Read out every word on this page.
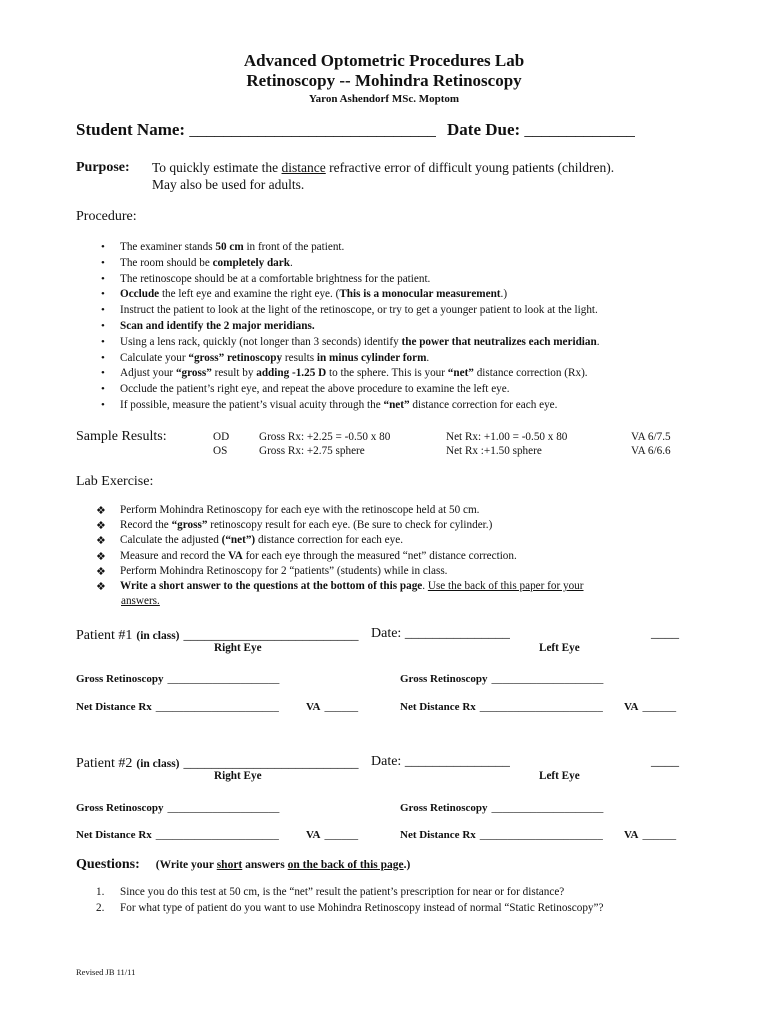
Advanced Optometric Procedures Lab
Retinoscopy -- Mohindra Retinoscopy
Yaron Ashendorf MSc. Moptom
Student Name: _____________________________ Date Due: _____________
Purpose: To quickly estimate the distance refractive error of difficult young patients (children).
May also be used for adults.
Procedure:
• The examiner stands 50 cm in front of the patient.
• The room should be completely dark.
• The retinoscope should be at a comfortable brightness for the patient.
• Occlude the left eye and examine the right eye. (This is a monocular measurement.)
• Instruct the patient to look at the light of the retinoscope, or try to get a younger patient to look at the light.
• Scan and identify the 2 major meridians.
• Using a lens rack, quickly (not longer than 3 seconds) identify the power that neutralizes each meridian.
• Calculate your “gross” retinoscopy results in minus cylinder form.
• Adjust your “gross” result by adding -1.25 D to the sphere. This is your “net” distance correction (Rx).
• Occlude the patient’s right eye, and repeat the above procedure to examine the left eye.
• If possible, measure the patient’s visual acuity through the “net” distance correction for each eye.
Sample Results:	OD	Gross Rx: +2.25 = -0.50 x 80	Net Rx: +1.00 = -0.50 x 80	VA 6/7.5
OS	Gross Rx: +2.75 sphere	Net Rx :+1.50 sphere	VA 6/6.6
Lab Exercise:
❖ Perform Mohindra Retinoscopy for each eye with the retinoscope held at 50 cm.
❖ Record the “gross” retinoscopy result for each eye. (Be sure to check for cylinder.)
❖ Calculate the adjusted (“net”) distance correction for each eye.
❖ Measure and record the VA for each eye through the measured “net” distance correction.
❖ Perform Mohindra Retinoscopy for 2 “patients” (students) while in class.
❖ Write a short answer to the questions at the bottom of this page. Use the back of this paper for your
answers.
Patient #1 (in class) _________________________ Date: _______________	____
Right Eye	Left Eye
Gross Retinoscopy ____________________	Gross Retinoscopy ____________________
Net Distance Rx ______________________ VA ______	Net Distance Rx ______________________ VA ______
Patient #2 (in class) _________________________ Date: _______________	____
Right Eye	Left Eye
Gross Retinoscopy ____________________	Gross Retinoscopy ____________________
Net Distance Rx ______________________ VA ______	Net Distance Rx ______________________ VA ______
Questions: (Write your short answers on the back of this page.)
1. Since you do this test at 50 cm, is the “net” result the patient’s prescription for near or for distance?
2. For what type of patient do you want to use Mohindra Retinoscopy instead of normal “Static Retinoscopy”?
Revised JB 11/11
